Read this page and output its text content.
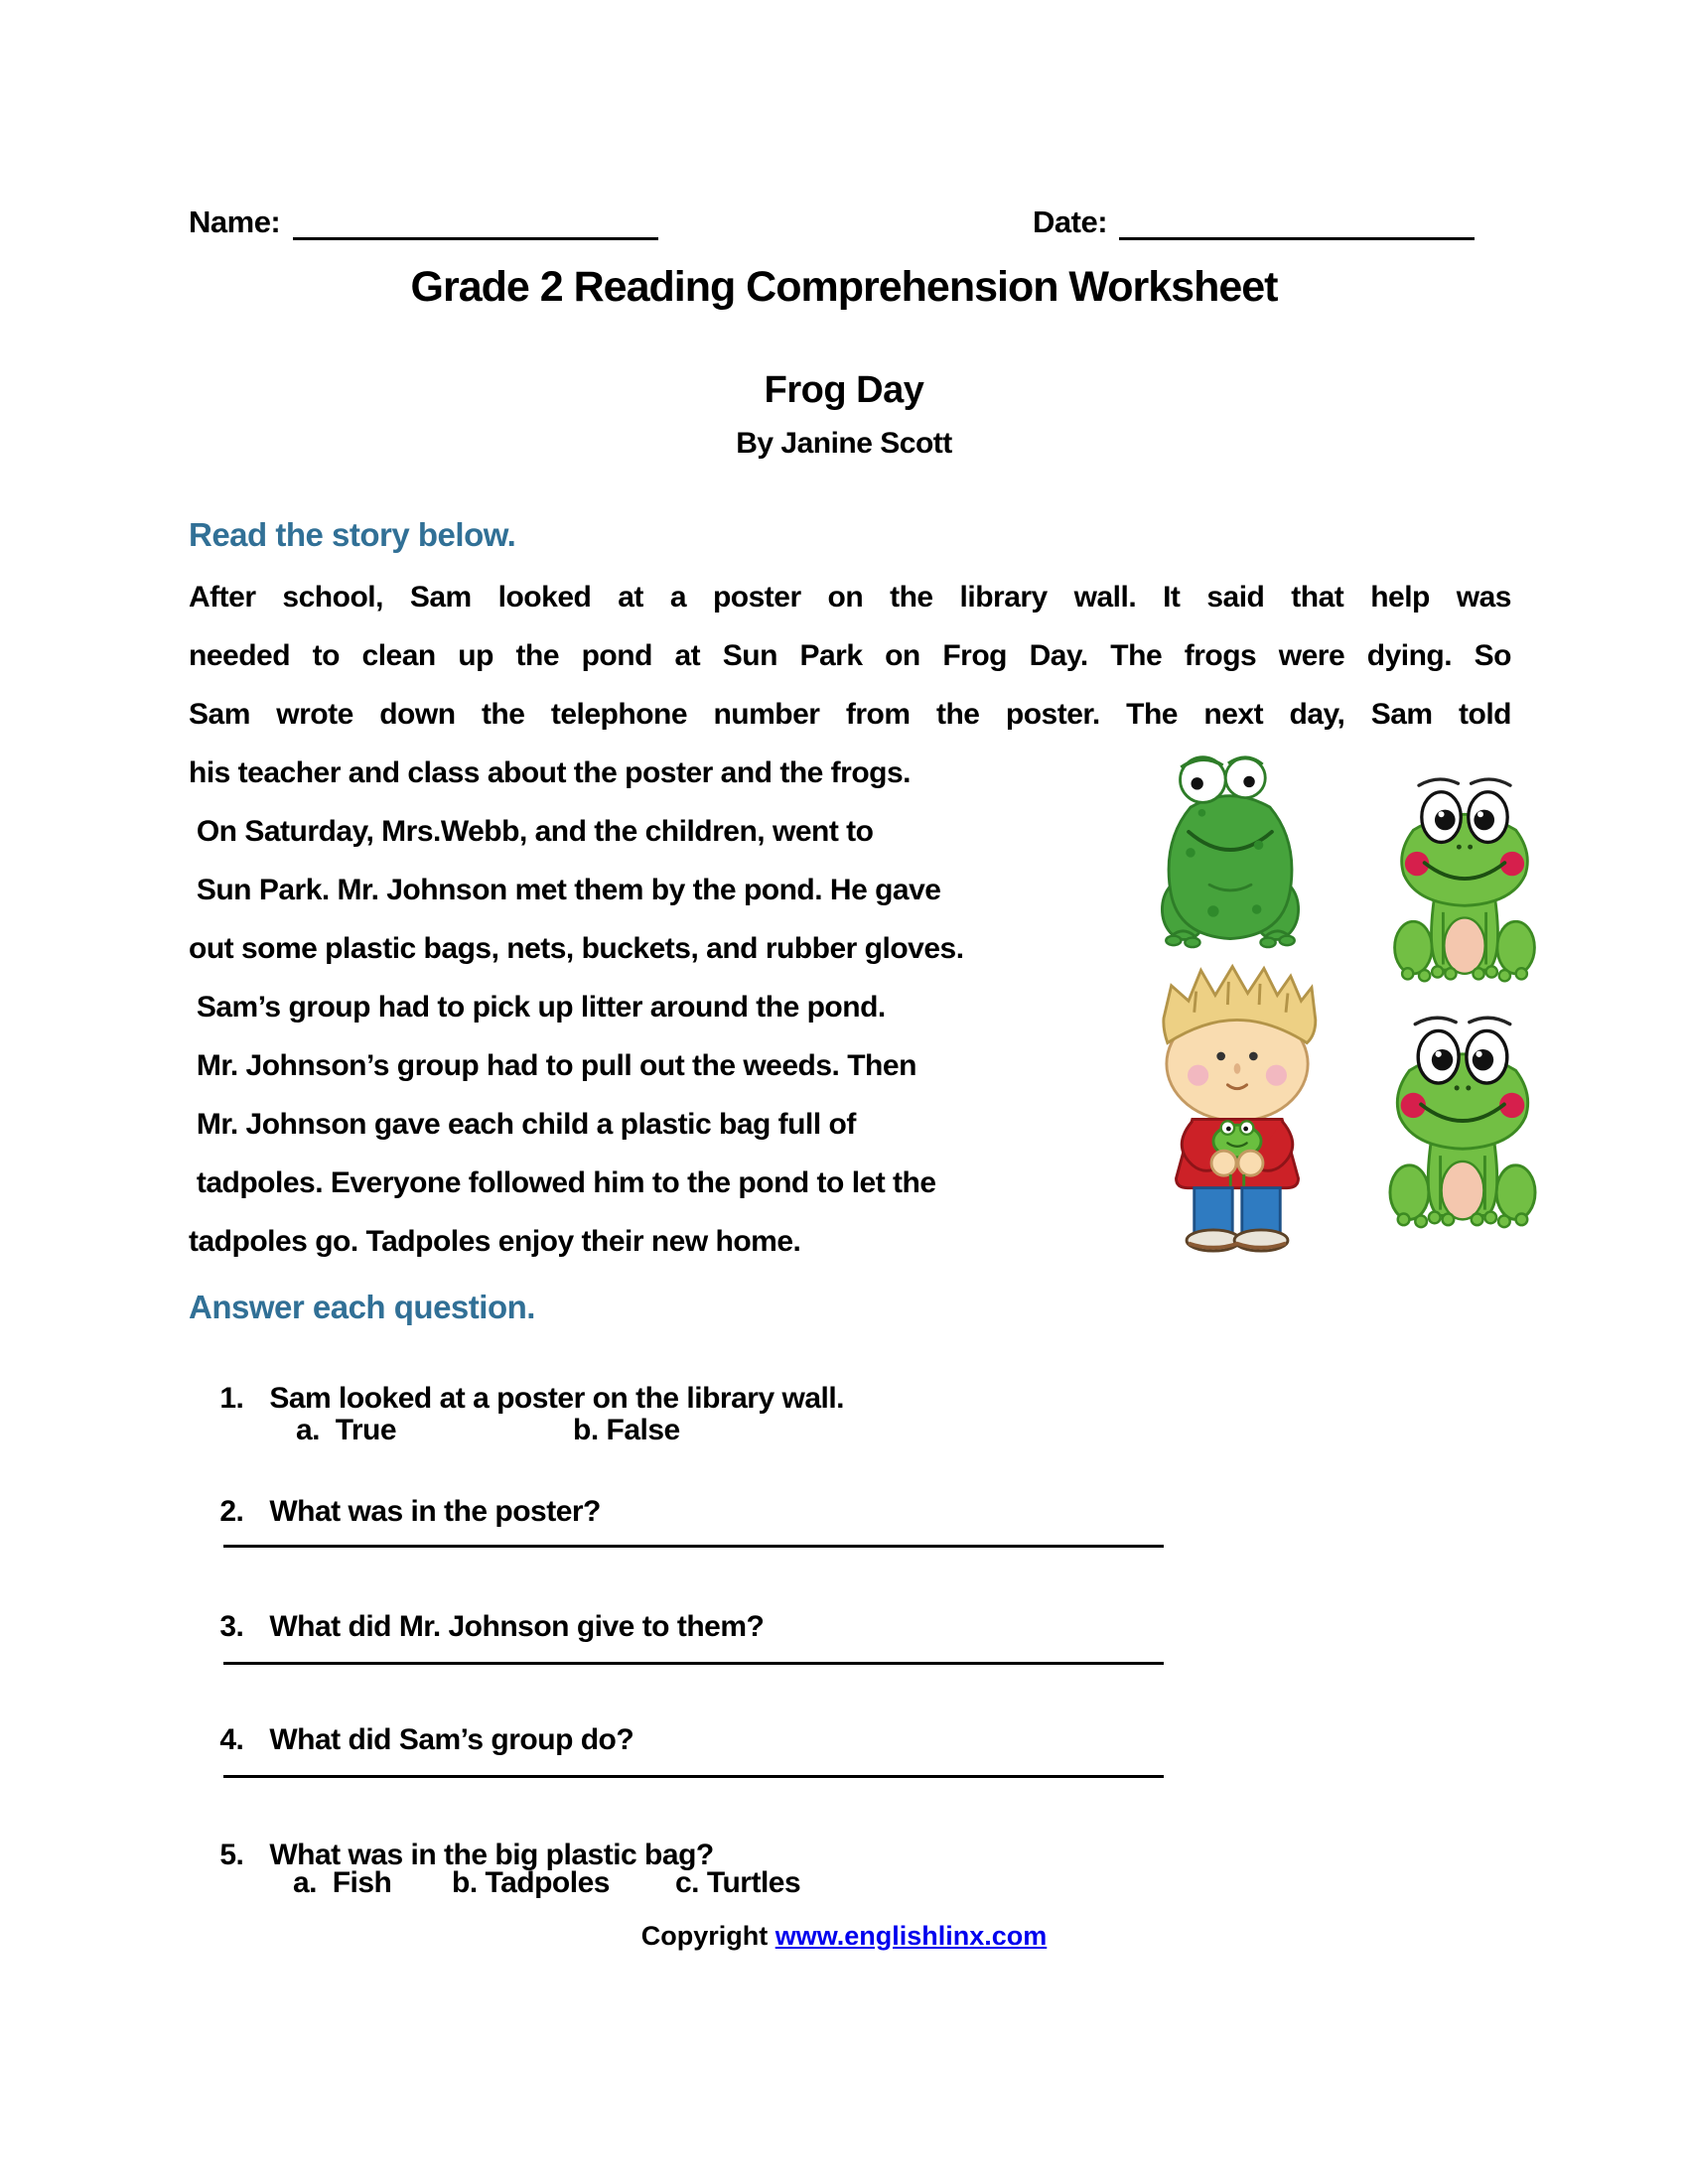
Name:	Date:
Grade 2 Reading Comprehension Worksheet
Frog Day
By Janine Scott
Read the story below.
After school, Sam looked at a poster on the library wall. It said that help was
needed to clean up the pond at Sun Park on Frog Day. The frogs were dying. So
Sam wrote down the telephone number from the poster. The next day, Sam told
his teacher and class about the poster and the frogs.
On Saturday, Mrs.Webb, and the children, went to
Sun Park. Mr. Johnson met them by the pond. He gave
out some plastic bags, nets, buckets, and rubber gloves.
Sam’s group had to pick up litter around the pond.
Mr. Johnson’s group had to pull out the weeds. Then
Mr. Johnson gave each child a plastic bag full of
tadpoles. Everyone followed him to the pond to let the
tadpoles go. Tadpoles enjoy their new home.
Answer each question.

1. Sam looked at a poster on the library wall.

a.  True	b. False

2. What was in the poster?

3. What did Mr. Johnson give to them?

4. What did Sam’s group do?

5. What was in the big plastic bag?

a.  Fish b. Tadpoles c. Turtles
Copyright www.englishlinx.com
